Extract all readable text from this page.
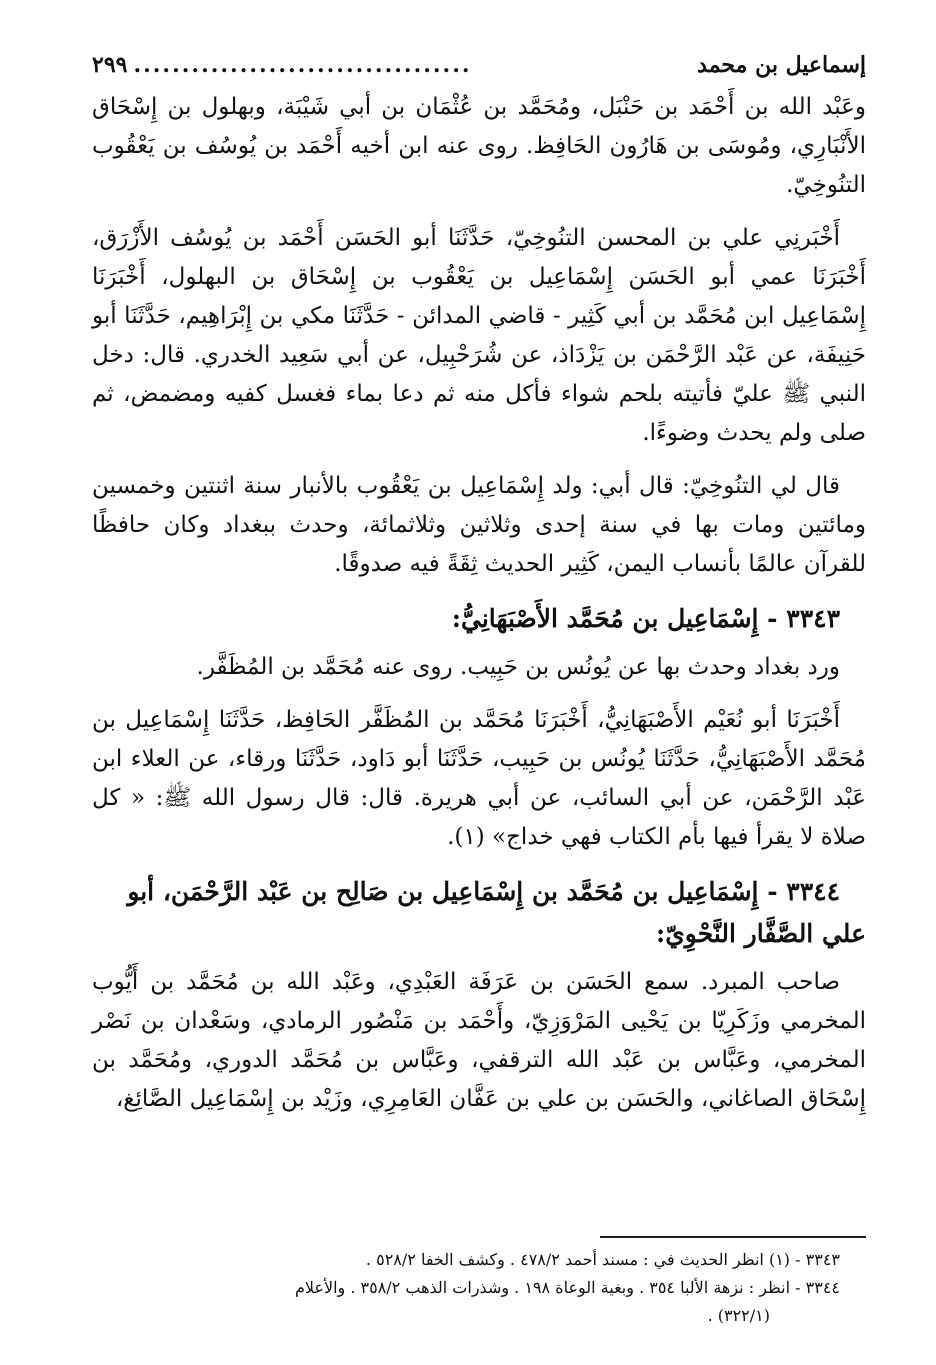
إسماعيل بن محمد
...................................
٢٩٩

وعَبْد الله بن أَحْمَد بن حَنْبَل، ومُحَمَّد بن عُثْمَان بن أبي شَيْبَة، وبهلول بن إِسْحَاق الأَنْبَارِي، ومُوسَى بن هَارُون الحَافِظ. روى عنه ابن أخيه أَحْمَد بن يُوسُف بن يَعْقُوب التنُوخِيّ.

أَخْبَرنِي علي بن المحسن التنُوخِيّ، حَدَّثَنَا أبو الحَسَن أَحْمَد بن يُوسُف الأَزْرَق، أَخْبَرَنَا عمي أبو الحَسَن إِسْمَاعِيل بن يَعْقُوب بن إِسْحَاق بن البهلول، أَخْبَرَنَا إِسْمَاعِيل ابن مُحَمَّد بن أبي كَثِير - قاضي المدائن - حَدَّثَنَا مكي بن إِبْرَاهِيم، حَدَّثَنَا أبو حَنِيفَة، عن عَبْد الرَّحْمَن بن يَزْدَاذ، عن شُرَحْبِيل، عن أبي سَعِيد الخدري. قال: دخل النبي ﷺ عليّ فأتيته بلحم شواء فأكل منه ثم دعا بماء فغسل كفيه ومضمض، ثم صلى ولم يحدث وضوءًا.

قال لي التنُوخِيّ: قال أبي: ولد إِسْمَاعِيل بن يَعْقُوب بالأنبار سنة اثنتين وخمسين ومائتين ومات بها في سنة إحدى وثلاثين وثلاثمائة، وحدث ببغداد وكان حافظًا للقرآن عالمًا بأنساب اليمن، كَثِير الحديث ثِقَةً فيه صدوقًا.

٣٣٤٣ - إِسْمَاعِيل بن مُحَمَّد الأَصْبَهَانِيُّ:

ورد بغداد وحدث بها عن يُونُس بن حَبِيب. روى عنه مُحَمَّد بن المُظَفَّر.

أَخْبَرَنَا أبو نُعَيْم الأَصْبَهَانِيُّ، أَخْبَرَنَا مُحَمَّد بن المُظَفَّر الحَافِظ، حَدَّثَنَا إِسْمَاعِيل بن مُحَمَّد الأَصْبَهَانِيُّ، حَدَّثَنَا يُونُس بن حَبِيب، حَدَّثَنَا أبو دَاود، حَدَّثَنَا ورقاء، عن العلاء ابن عَبْد الرَّحْمَن، عن أبي السائب، عن أبي هريرة. قال: قال رسول الله ﷺ: « كل صلاة لا يقرأ فيها بأم الكتاب فهي خداج» (١).

٣٣٤٤ - إِسْمَاعِيل بن مُحَمَّد بن إِسْمَاعِيل بن صَالِح بن عَبْد الرَّحْمَن، أبو علي الصَّفَّار النَّحْوِيّ:

صاحب المبرد. سمع الحَسَن بن عَرَفَة العَبْدِي، وعَبْد الله بن مُحَمَّد بن أَيُّوب المخرمي وزَكَرِيّا بن يَحْيى المَرْوَزِيّ، وأَحْمَد بن مَنْصُور الرمادي، وسَعْدان بن نَصْر المخرمي، وعَبَّاس بن عَبْد الله الترقفي، وعَبَّاس بن مُحَمَّد الدوري، ومُحَمَّد بن إِسْحَاق الصاغاني، والحَسَن بن علي بن عَفَّان العَامِرِي، وزَيْد بن إِسْمَاعِيل الصَّائِغ،

٣٣٤٣ - (١) انظر الحديث في : مسند أحمد ٤٧٨/٢ . وكشف الخفا ٥٢٨/٢ .

٣٣٤٤ - انظر : نزهة الألبا ٣٥٤ . وبغية الوعاة ١٩٨ . وشذرات الذهب ٣٥٨/٢ . والأعلام

(٣٢٢/١) .
